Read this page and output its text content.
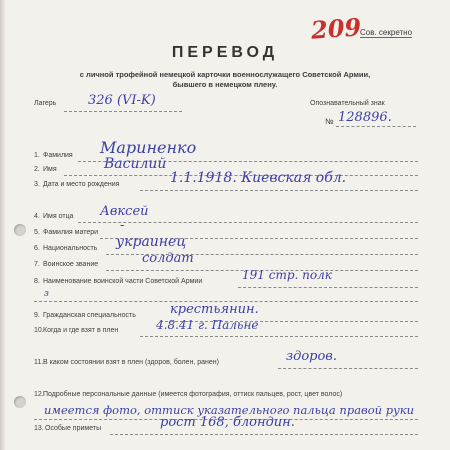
209
Сов. секретно
ПЕРЕВОД
с личной трофейной немецкой карточки военнослужащего Советской Армии,
бывшего в немецком плену.
Лагерь 326 (VI-K)	Опознавательный знак
№ 128896.
1. Фамилия Мариненко
2. Имя	Василий
3. Дата и место рождения	1.1.1918. Киевская обл.
4. Имя отца Авксей
5. Фамилия матери -
6. Национальность украинец
7. Воинское звание	солдат
8. Наименование воинской части Советской Армии	191 стр. полк
з
9. Гражданская специальность	крестьянин.
10. Когда и где взят в плен	4.8.41 г. Пальне
11. В каком состоянии взят в плен (здоров, болен, ранен)	здоров.
12. Подробные персональные данные (имеется фотография, оттиск пальцев, рост, цвет волос)
имеется фото, оттиск указательного пальца правой руки
13. Особые приметы	рост 168, блондин.
